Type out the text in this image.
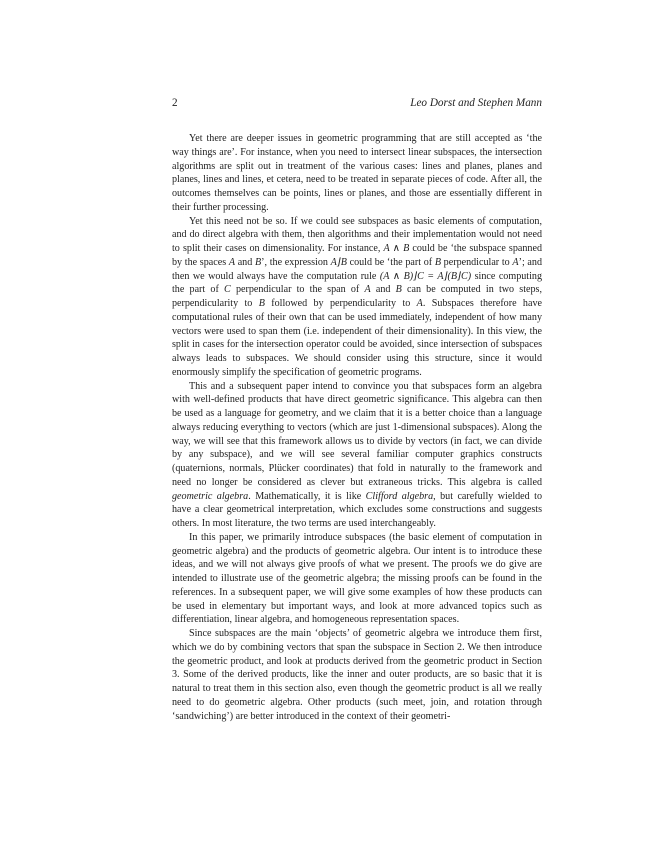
2	Leo Dorst and Stephen Mann

Yet there are deeper issues in geometric programming that are still accepted as ‘the way things are’. For instance, when you need to intersect linear subspaces, the intersection algorithms are split out in treatment of the various cases: lines and planes, planes and planes, lines and lines, et cetera, need to be treated in separate pieces of code. After all, the outcomes themselves can be points, lines or planes, and those are essentially different in their further processing.

Yet this need not be so. If we could see subspaces as basic elements of computation, and do direct algebra with them, then algorithms and their implementation would not need to split their cases on dimensionality. For instance, A ∧ B could be ‘the subspace spanned by the spaces A and B’, the expression A⌋B could be ‘the part of B perpendicular to A’; and then we would always have the computation rule (A ∧ B)⌋C = A⌋(B⌋C) since computing the part of C perpendicular to the span of A and B can be computed in two steps, perpendicularity to B followed by perpendicularity to A. Subspaces therefore have computational rules of their own that can be used immediately, independent of how many vectors were used to span them (i.e. independent of their dimensionality). In this view, the split in cases for the intersection operator could be avoided, since intersection of subspaces always leads to subspaces. We should consider using this structure, since it would enormously simplify the specification of geometric programs.

This and a subsequent paper intend to convince you that subspaces form an algebra with well-defined products that have direct geometric significance. This algebra can then be used as a language for geometry, and we claim that it is a better choice than a language always reducing everything to vectors (which are just 1-dimensional subspaces). Along the way, we will see that this framework allows us to divide by vectors (in fact, we can divide by any subspace), and we will see several familiar computer graphics constructs (quaternions, normals, Plücker coordinates) that fold in naturally to the framework and need no longer be considered as clever but extraneous tricks. This algebra is called geometric algebra. Mathematically, it is like Clifford algebra, but carefully wielded to have a clear geometrical interpretation, which excludes some constructions and suggests others. In most literature, the two terms are used interchangeably.

In this paper, we primarily introduce subspaces (the basic element of computation in geometric algebra) and the products of geometric algebra. Our intent is to introduce these ideas, and we will not always give proofs of what we present. The proofs we do give are intended to illustrate use of the geometric algebra; the missing proofs can be found in the references. In a subsequent paper, we will give some examples of how these products can be used in elementary but important ways, and look at more advanced topics such as differentiation, linear algebra, and homogeneous representation spaces.

Since subspaces are the main ‘objects’ of geometric algebra we introduce them first, which we do by combining vectors that span the subspace in Section 2. We then introduce the geometric product, and look at products derived from the geometric product in Section 3. Some of the derived products, like the inner and outer products, are so basic that it is natural to treat them in this section also, even though the geometric product is all we really need to do geometric algebra. Other products (such meet, join, and rotation through ‘sandwiching’) are better introduced in the context of their geometri-
